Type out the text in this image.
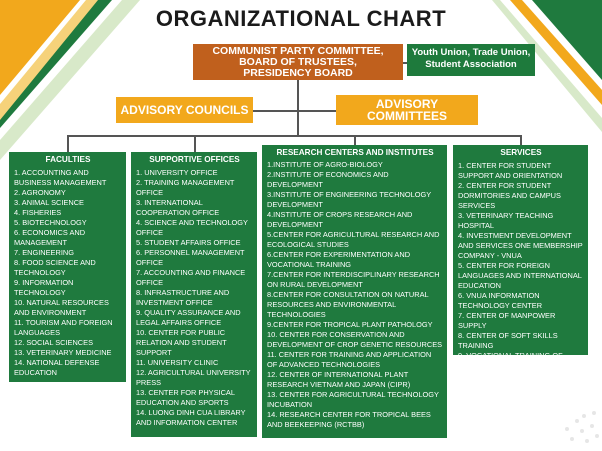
ORGANIZATIONAL CHART
COMMUNIST PARTY COMMITTEE,
BOARD OF TRUSTEES,
PRESIDENCY BOARD
Youth Union, Trade Union,
Student Association
ADVISORY COUNCILS	ADVISORY
COMMITTEES
FACULTIES
1. ACCOUNTING AND BUSINESS MANAGEMENT
2. AGRONOMY
3. ANIMAL SCIENCE
4. FISHERIES
5. BIOTECHNOLOGY
6. ECONOMICS AND MANAGEMENT
7. ENGINEERING
8. FOOD SCIENCE AND TECHNOLOGY
9. INFORMATION TECHNOLOGY
10. NATURAL RESOURCES AND ENVIRONMENT
11. TOURISM AND FOREIGN LANGUAGES
12. SOCIAL SCIENCES
13. VETERINARY MEDICINE
14. NATIONAL DEFENSE EDUCATION
SUPPORTIVE OFFICES
1. UNIVERSITY OFFICE
2. TRAINING MANAGEMENT OFFICE
3. INTERNATIONAL COOPERATION OFFICE
4. SCIENCE AND TECHNOLOGY OFFICE
5. STUDENT AFFAIRS OFFICE
6. PERSONNEL MANAGEMENT OFFICE
7. ACCOUNTING AND FINANCE OFFICE
8. INFRASTRUCTURE AND INVESTMENT OFFICE
9. QUALITY ASSURANCE AND LEGAL AFFAIRS OFFICE
10. CENTER FOR PUBLIC RELATION AND STUDENT SUPPORT
11. UNIVERSITY CLINIC
12. AGRICULTURAL UNIVERSITY PRESS
13. CENTER FOR PHYSICAL EDUCATION AND SPORTS
14. LUONG DINH CUA LIBRARY AND INFORMATION CENTER
RESEARCH CENTERS AND INSTITUTES
1.INSTITUTE OF AGRO-BIOLOGY
2.INSTITUTE OF ECONOMICS AND DEVELOPMENT
3.INSTITUTE OF ENGINEERING TECHNOLOGY DEVELOPMENT
4.INSTITUTE OF CROPS RESEARCH AND DEVELOPMENT
5.CENTER FOR AGRICULTURAL RESEARCH AND ECOLOGICAL STUDIES
6.CENTER FOR EXPERIMENTATION AND VOCATIONAL TRAINING
7.CENTER FOR INTERDISCIPLINARY RESEARCH ON RURAL DEVELOPMENT
8.CENTER FOR CONSULTATION ON NATURAL RESOURCES AND ENVIRONMENTAL TECHNOLOGIES
9.CENTER FOR TROPICAL PLANT PATHOLOGY
10. CENTER FOR CONSERVATION AND DEVELOPMENT OF CROP GENETIC RESOURCES
11. CENTER FOR TRAINING AND APPLICATION OF ADVANCED TECHNOLOGIES
12. CENTER OF INTERNATIONAL PLANT RESEARCH VIETNAM AND JAPAN (CIPR)
13. CENTER FOR AGRICULTURAL TECHNOLOGY INCUBATION
14. RESEARCH CENTER FOR TROPICAL BEES AND BEEKEEPING (RCTBB)
SERVICES
1. CENTER FOR STUDENT SUPPORT AND ORIENTATION
2. CENTER FOR STUDENT DORMITORIES AND CAMPUS SERVICES
3. VETERINARY TEACHING HOSPITAL
4. INVESTMENT DEVELOPMENT AND SERVICES ONE MEMBERSHIP COMPANY - VNUA
5. CENTER FOR FOREIGN LANGUAGES AND INTERNATIONAL EDUCATION
6. VNUA INFORMATION TECHNOLOGY CENTER
7. CENTER OF MANPOWER SUPPLY
8. CENTER OF SOFT SKILLS TRAINING
9. VOCATIONAL TRAINING OF ENGINEERING AND DRIVING
